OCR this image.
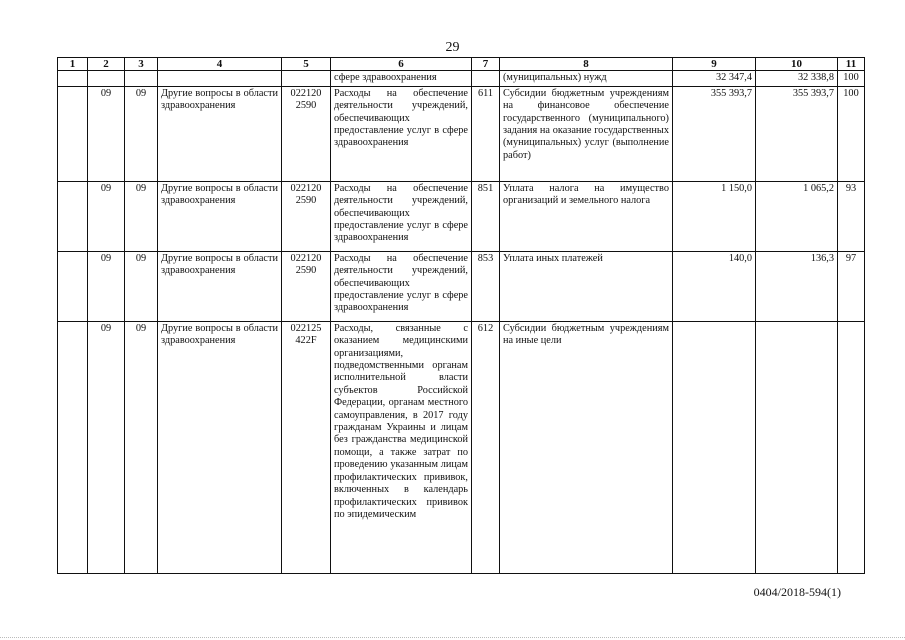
29
1	2	3	4	5	6	7	8	9	10	11
					сфере здравоохранения		(муниципальных) нужд	32 347,4	32 338,8	100
	09	09	Другие вопросы в области здравоохранения	022120 2590	Расходы на обеспечение деятельности учреждений, обеспечивающих предоставление услуг в сфере здравоохранения	611	Субсидии бюджетным учреждениям на финансовое обеспечение государственного (муниципального) задания на оказание государственных (муниципальных) услуг (выполнение работ)	355 393,7	355 393,7	100
	09	09	Другие вопросы в области здравоохранения	022120 2590	Расходы на обеспечение деятельности учреждений, обеспечивающих предоставление услуг в сфере здравоохранения	851	Уплата налога на имущество организаций и земельного налога	1 150,0	1 065,2	93
	09	09	Другие вопросы в области здравоохранения	022120 2590	Расходы на обеспечение деятельности учреждений, обеспечивающих предоставление услуг в сфере здравоохранения	853	Уплата иных платежей	140,0	136,3	97
	09	09	Другие вопросы в области здравоохранения	022125 422F	Расходы, связанные с оказанием медицинскими организациями, подведомственными органам исполнительной власти субъектов Российской Федерации, органам местного самоуправления, в 2017 году гражданам Украины и лицам без гражданства медицинской помощи, а также затрат по проведению указанным лицам профилактических прививок, включенных в календарь профилактических прививок по эпидемическим	612	Субсидии бюджетным учреждениям на иные цели			
0404/2018-594(1)
